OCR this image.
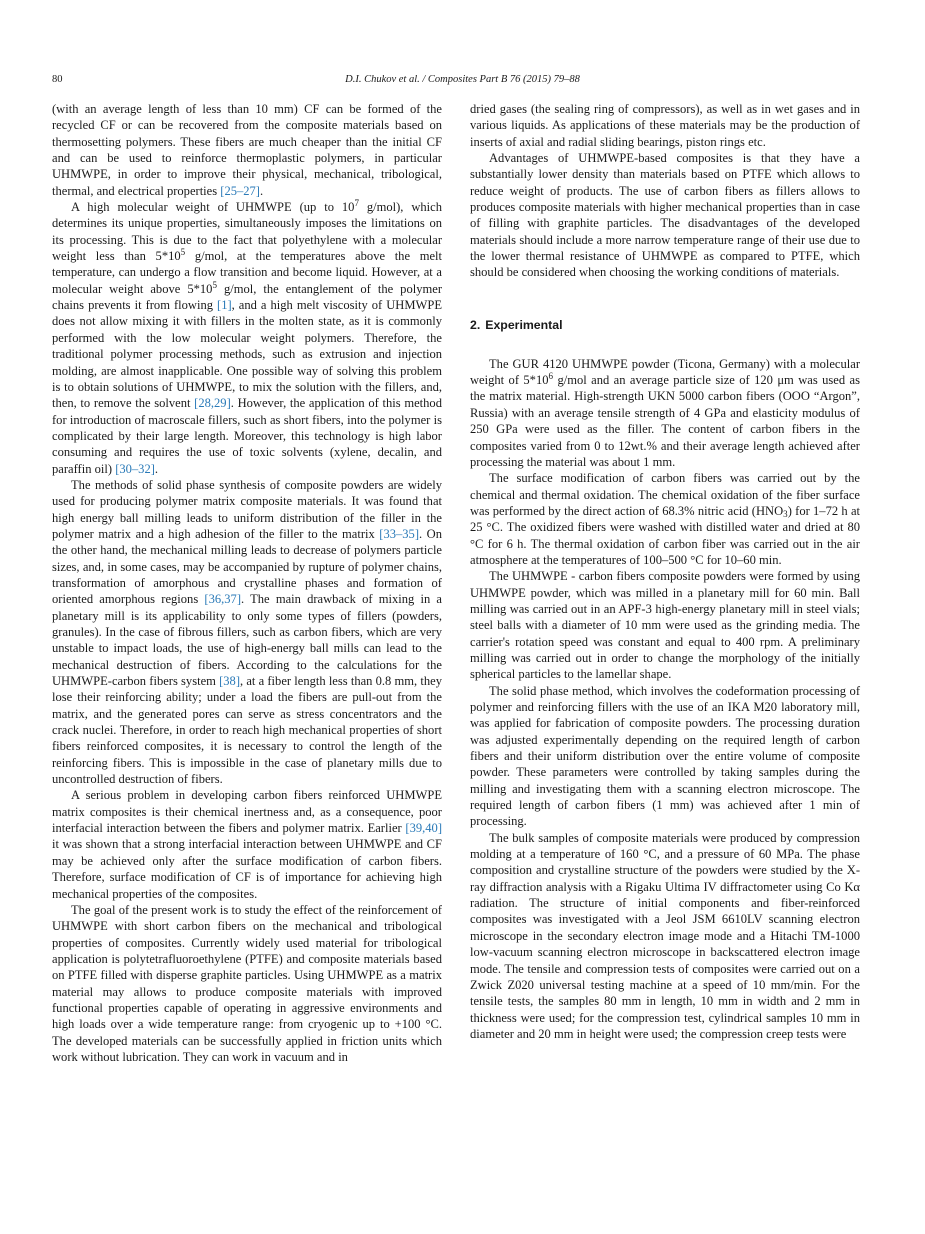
80	D.I. Chukov et al. / Composites Part B 76 (2015) 79–88

(with an average length of less than 10 mm) CF can be formed of the recycled CF or can be recovered from the composite materials based on thermosetting polymers. These fibers are much cheaper than the initial CF and can be used to reinforce thermoplastic polymers, in particular UHMWPE, in order to improve their physical, mechanical, tribological, thermal, and electrical properties [25–27].

A high molecular weight of UHMWPE (up to $10^7$ g/mol), which determines its unique properties, simultaneously imposes the limitations on its processing. This is due to the fact that polyethylene with a molecular weight less than $5*10^5$ g/mol, at the temperatures above the melt temperature, can undergo a flow transition and become liquid. However, at a molecular weight above $5*10^5$ g/mol, the entanglement of the polymer chains prevents it from flowing [1], and a high melt viscosity of UHMWPE does not allow mixing it with fillers in the molten state, as it is commonly performed with the low molecular weight polymers. Therefore, the traditional polymer processing methods, such as extrusion and injection molding, are almost inapplicable. One possible way of solving this problem is to obtain solutions of UHMWPE, to mix the solution with the fillers, and, then, to remove the solvent [28,29]. However, the application of this method for introduction of macroscale fillers, such as short fibers, into the polymer is complicated by their large length. Moreover, this technology is high labor consuming and requires the use of toxic solvents (xylene, decalin, and paraffin oil) [30–32].

The methods of solid phase synthesis of composite powders are widely used for producing polymer matrix composite materials. It was found that high energy ball milling leads to uniform distribution of the filler in the polymer matrix and a high adhesion of the filler to the matrix [33–35]. On the other hand, the mechanical milling leads to decrease of polymers particle sizes, and, in some cases, may be accompanied by rupture of polymer chains, transformation of amorphous and crystalline phases and formation of oriented amorphous regions [36,37]. The main drawback of mixing in a planetary mill is its applicability to only some types of fillers (powders, granules). In the case of fibrous fillers, such as carbon fibers, which are very unstable to impact loads, the use of high-energy ball mills can lead to the mechanical destruction of fibers. According to the calculations for the UHMWPE-carbon fibers system [38], at a fiber length less than 0.8 mm, they lose their reinforcing ability; under a load the fibers are pull-out from the matrix, and the generated pores can serve as stress concentrators and the crack nuclei. Therefore, in order to reach high mechanical properties of short fibers reinforced composites, it is necessary to control the length of the reinforcing fibers. This is impossible in the case of planetary mills due to uncontrolled destruction of fibers.

A serious problem in developing carbon fibers reinforced UHMWPE matrix composites is their chemical inertness and, as a consequence, poor interfacial interaction between the fibers and polymer matrix. Earlier [39,40] it was shown that a strong interfacial interaction between UHMWPE and CF may be achieved only after the surface modification of carbon fibers. Therefore, surface modification of CF is of importance for achieving high mechanical properties of the composites.

The goal of the present work is to study the effect of the reinforcement of UHMWPE with short carbon fibers on the mechanical and tribological properties of composites. Currently widely used material for tribological application is polytetrafluoroethylene (PTFE) and composite materials based on PTFE filled with disperse graphite particles. Using UHMWPE as a matrix material may allows to produce composite materials with improved functional properties capable of operating in aggressive environments and high loads over a wide temperature range: from cryogenic up to +100 °C. The developed materials can be successfully applied in friction units which work without lubrication. They can work in vacuum and in

dried gases (the sealing ring of compressors), as well as in wet gases and in various liquids. As applications of these materials may be the production of inserts of axial and radial sliding bearings, piston rings etc.

Advantages of UHMWPE-based composites is that they have a substantially lower density than materials based on PTFE which allows to reduce weight of products. The use of carbon fibers as fillers allows to produces composite materials with higher mechanical properties than in case of filling with graphite particles. The disadvantages of the developed materials should include a more narrow temperature range of their use due to the lower thermal resistance of UHMWPE as compared to PTFE, which should be considered when choosing the working conditions of materials.

2. Experimental

The GUR 4120 UHMWPE powder (Ticona, Germany) with a molecular weight of $5*10^6$ g/mol and an average particle size of 120 μm was used as the matrix material. High-strength UKN 5000 carbon fibers (OOO “Argon”, Russia) with an average tensile strength of 4 GPa and elasticity modulus of 250 GPa were used as the filler. The content of carbon fibers in the composites varied from 0 to 12wt.% and their average length achieved after processing the material was about 1 mm.

The surface modification of carbon fibers was carried out by the chemical and thermal oxidation. The chemical oxidation of the fiber surface was performed by the direct action of 68.3% nitric acid $(HNO_3)$ for 1–72 h at 25 °C. The oxidized fibers were washed with distilled water and dried at 80 °C for 6 h. The thermal oxidation of carbon fiber was carried out in the air atmosphere at the temperatures of 100–500 °C for 10–60 min.

The UHMWPE - carbon fibers composite powders were formed by using UHMWPE powder, which was milled in a planetary mill for 60 min. Ball milling was carried out in an APF-3 high-energy planetary mill in steel vials; steel balls with a diameter of 10 mm were used as the grinding media. The carrier's rotation speed was constant and equal to 400 rpm. A preliminary milling was carried out in order to change the morphology of the initially spherical particles to the lamellar shape.

The solid phase method, which involves the codeformation processing of polymer and reinforcing fillers with the use of an IKA M20 laboratory mill, was applied for fabrication of composite powders. The processing duration was adjusted experimentally depending on the required length of carbon fibers and their uniform distribution over the entire volume of composite powder. These parameters were controlled by taking samples during the milling and investigating them with a scanning electron microscope. The required length of carbon fibers (1 mm) was achieved after 1 min of processing.

The bulk samples of composite materials were produced by compression molding at a temperature of 160 °C, and a pressure of 60 MPa. The phase composition and crystalline structure of the powders were studied by the X-ray diffraction analysis with a Rigaku Ultima IV diffractometer using Co Kα radiation. The structure of initial components and fiber-reinforced composites was investigated with a Jeol JSM 6610LV scanning electron microscope in the secondary electron image mode and a Hitachi TM-1000 low-vacuum scanning electron microscope in backscattered electron image mode. The tensile and compression tests of composites were carried out on a Zwick Z020 universal testing machine at a speed of 10 mm/min. For the tensile tests, the samples 80 mm in length, 10 mm in width and 2 mm in thickness were used; for the compression test, cylindrical samples 10 mm in diameter and 20 mm in height were used; the compression creep tests were
